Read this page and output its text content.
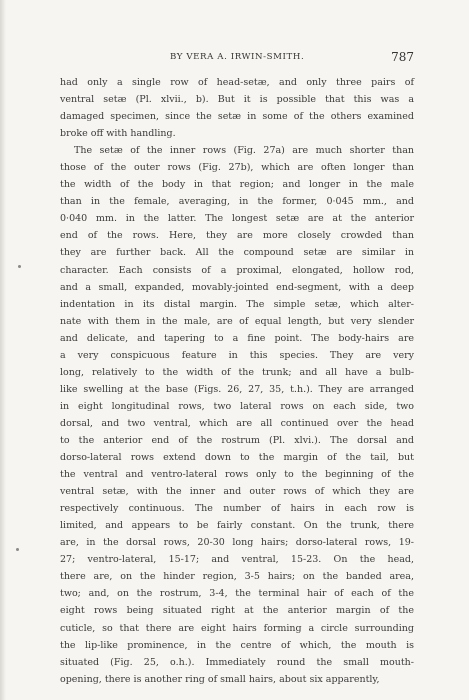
BY VERA A. IRWIN-SMITH.	787
had only a single row of head-setæ, and only three pairs of
ventral setæ (Pl. xlvii., b). But it is possible that this was a
damaged specimen, since the setæ in some of the others examined
broke off with handling.
The setæ of the inner rows (Fig. 27a) are much shorter than
those of the outer rows (Fig. 27b), which are often longer than
the width of the body in that region; and longer in the male
than in the female, averaging, in the former, 0·045 mm., and
0·040 mm. in the latter. The longest setæ are at the anterior
end of the rows. Here, they are more closely crowded than
they are further back. All the compound setæ are similar in
character. Each consists of a proximal, elongated, hollow rod,
and a small, expanded, movably-jointed end-segment, with a deep
indentation in its distal margin. The simple setæ, which alter-
nate with them in the male, are of equal length, but very slender
and delicate, and tapering to a fine point. The body-hairs are
a very conspicuous feature in this species. They are very
long, relatively to the width of the trunk; and all have a bulb-
like swelling at the base (Figs. 26, 27, 35, t.h.). They are arranged
in eight longitudinal rows, two lateral rows on each side, two
dorsal, and two ventral, which are all continued over the head
to the anterior end of the rostrum (Pl. xlvi.). The dorsal and
dorso-lateral rows extend down to the margin of the tail, but
the ventral and ventro-lateral rows only to the beginning of the
ventral setæ, with the inner and outer rows of which they are
respectively continuous. The number of hairs in each row is
limited, and appears to be fairly constant. On the trunk, there
are, in the dorsal rows, 20-30 long hairs; dorso-lateral rows, 19-
27; ventro-lateral, 15-17; and ventral, 15-23. On the head,
there are, on the hinder region, 3-5 hairs; on the banded area,
two; and, on the rostrum, 3-4, the terminal hair of each of the
eight rows being situated right at the anterior margin of the
cuticle, so that there are eight hairs forming a circle surrounding
the lip-like prominence, in the centre of which, the mouth is
situated (Fig. 25, o.h.). Immediately round the small mouth-
opening, there is another ring of small hairs, about six apparently,
